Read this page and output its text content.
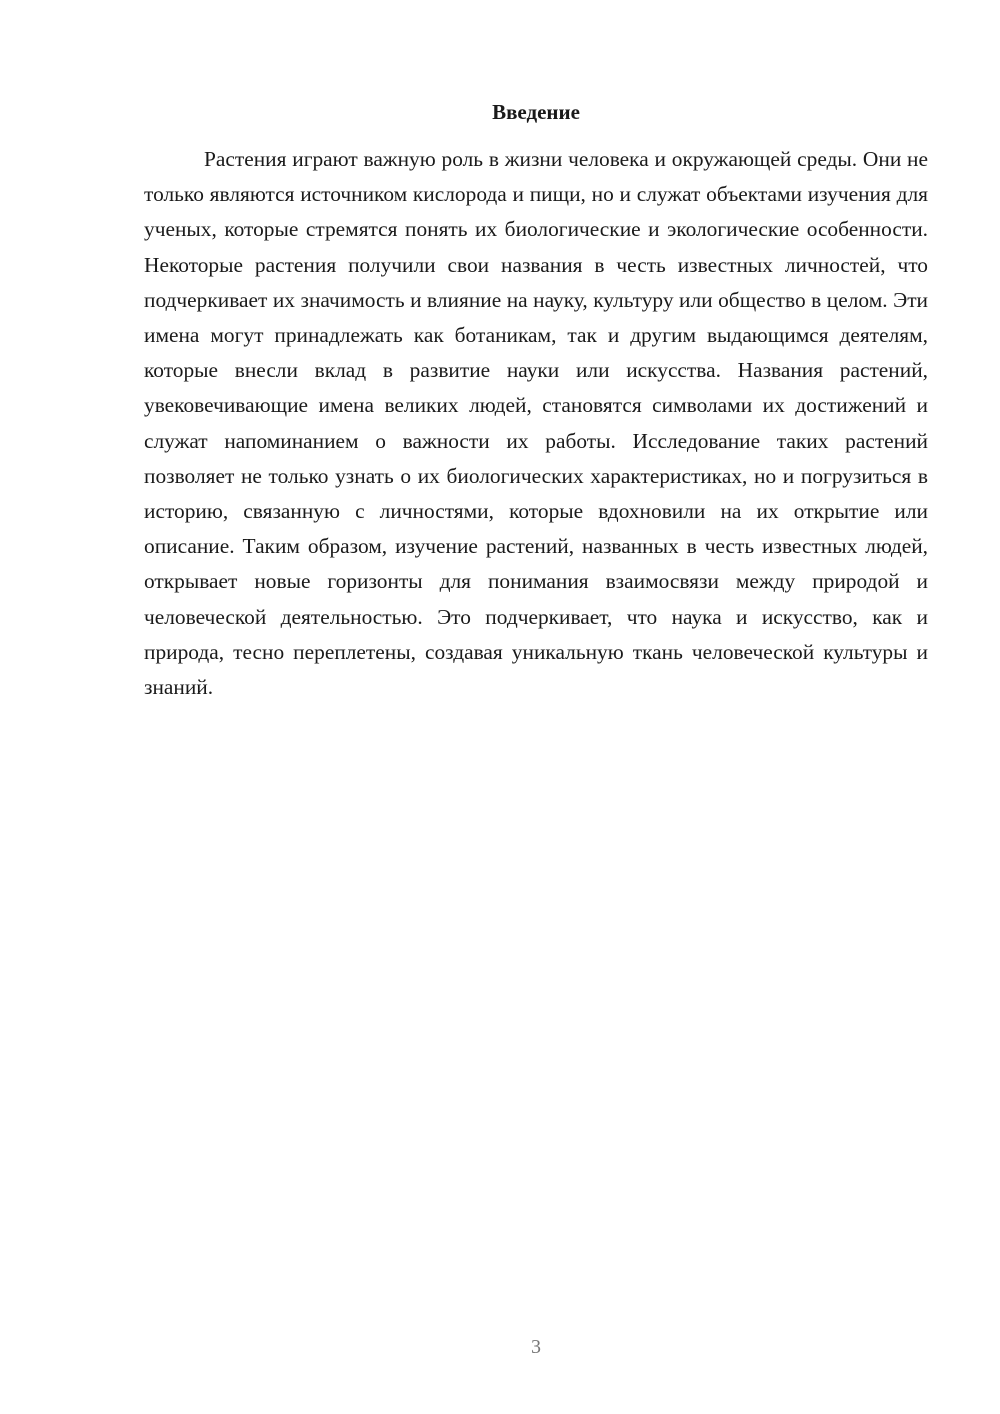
Введение

Растения играют важную роль в жизни человека и окружающей среды. Они не только являются источником кислорода и пищи, но и служат объектами изучения для ученых, которые стремятся понять их биологические и экологические особенности. Некоторые растения получили свои названия в честь известных личностей, что подчеркивает их значимость и влияние на науку, культуру или общество в целом. Эти имена могут принадлежать как ботаникам, так и другим выдающимся деятелям, которые внесли вклад в развитие науки или искусства. Названия растений, увековечивающие имена великих людей, становятся символами их достижений и служат напоминанием о важности их работы. Исследование таких растений позволяет не только узнать о их биологических характеристиках, но и погрузиться в историю, связанную с личностями, которые вдохновили на их открытие или описание. Таким образом, изучение растений, названных в честь известных людей, открывает новые горизонты для понимания взаимосвязи между природой и человеческой деятельностью. Это подчеркивает, что наука и искусство, как и природа, тесно переплетены, создавая уникальную ткань человеческой культуры и знаний.

3
